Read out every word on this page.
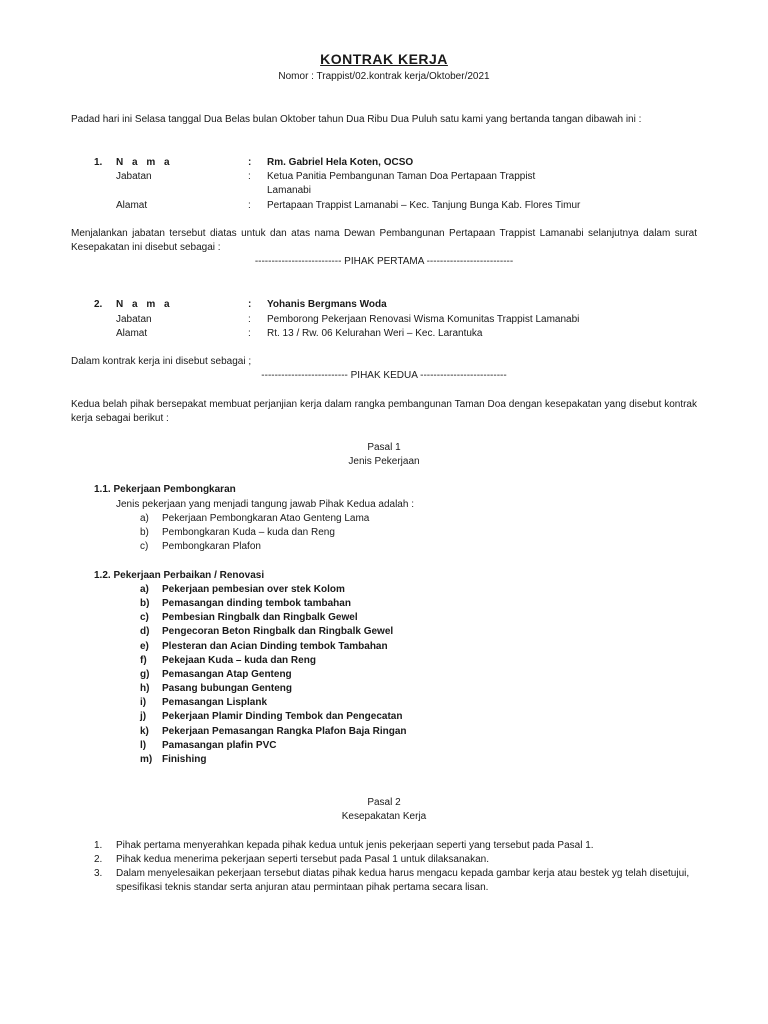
KONTRAK KERJA
Nomor : Trappist/02.kontrak kerja/Oktober/2021
Padad hari ini Selasa tanggal Dua Belas bulan Oktober tahun Dua Ribu Dua Puluh satu kami yang bertanda tangan dibawah ini :
1.	N a m a	:	Rm. Gabriel Hela Koten, OCSO
Jabatan	:	Ketua Panitia Pembangunan Taman Doa Pertapaan Trappist
Lamanabi
Alamat	:	Pertapaan Trappist Lamanabi – Kec. Tanjung Bunga Kab. Flores Timur
Menjalankan jabatan tersebut diatas untuk dan atas nama Dewan Pembangunan Pertapaan Trappist Lamanabi selanjutnya dalam surat Kesepakatan ini disebut sebagai :
-------------------------- PIHAK PERTAMA --------------------------
2.	N a m a	:	Yohanis Bergmans Woda
Jabatan	:	Pemborong Pekerjaan Renovasi Wisma Komunitas Trappist Lamanabi
Alamat	:	Rt. 13 / Rw. 06 Kelurahan Weri – Kec. Larantuka
Dalam kontrak kerja ini disebut sebagai ;
-------------------------- PIHAK KEDUA --------------------------
Kedua belah pihak bersepakat membuat perjanjian kerja dalam rangka pembangunan Taman Doa dengan kesepakatan yang disebut kontrak kerja sebagai berikut :
Pasal 1
Jenis Pekerjaan
1.1. Pekerjaan Pembongkaran
Jenis pekerjaan yang menjadi tangung jawab Pihak Kedua adalah :
a)	Pekerjaan Pembongkaran Atao Genteng Lama
b)	Pembongkaran Kuda – kuda dan Reng
c)	Pembongkaran Plafon
1.2. Pekerjaan Perbaikan / Renovasi
a)	Pekerjaan pembesian over stek Kolom
b)	Pemasangan dinding tembok tambahan
c)	Pembesian Ringbalk dan Ringbalk Gewel
d)	Pengecoran Beton Ringbalk dan Ringbalk Gewel
e)	Plesteran dan Acian Dinding tembok Tambahan
f)	Pekejaan Kuda – kuda dan Reng
g)	Pemasangan Atap Genteng
h)	Pasang bubungan Genteng
i)	Pemasangan Lisplank
j)	Pekerjaan Plamir Dinding Tembok dan Pengecatan
k)	Pekerjaan Pemasangan Rangka Plafon Baja Ringan
l)	Pamasangan plafin PVC
m) Finishing
Pasal 2
Kesepakatan Kerja
1.	Pihak pertama menyerahkan kepada pihak kedua untuk jenis pekerjaan seperti yang tersebut pada Pasal 1.
2.	Pihak kedua menerima pekerjaan seperti tersebut pada Pasal 1 untuk dilaksanakan.
3.	Dalam menyelesaikan pekerjaan tersebut diatas pihak kedua harus mengacu kepada gambar kerja atau bestek yg telah disetujui, spesifikasi teknis standar serta anjuran atau permintaan pihak pertama secara lisan.
